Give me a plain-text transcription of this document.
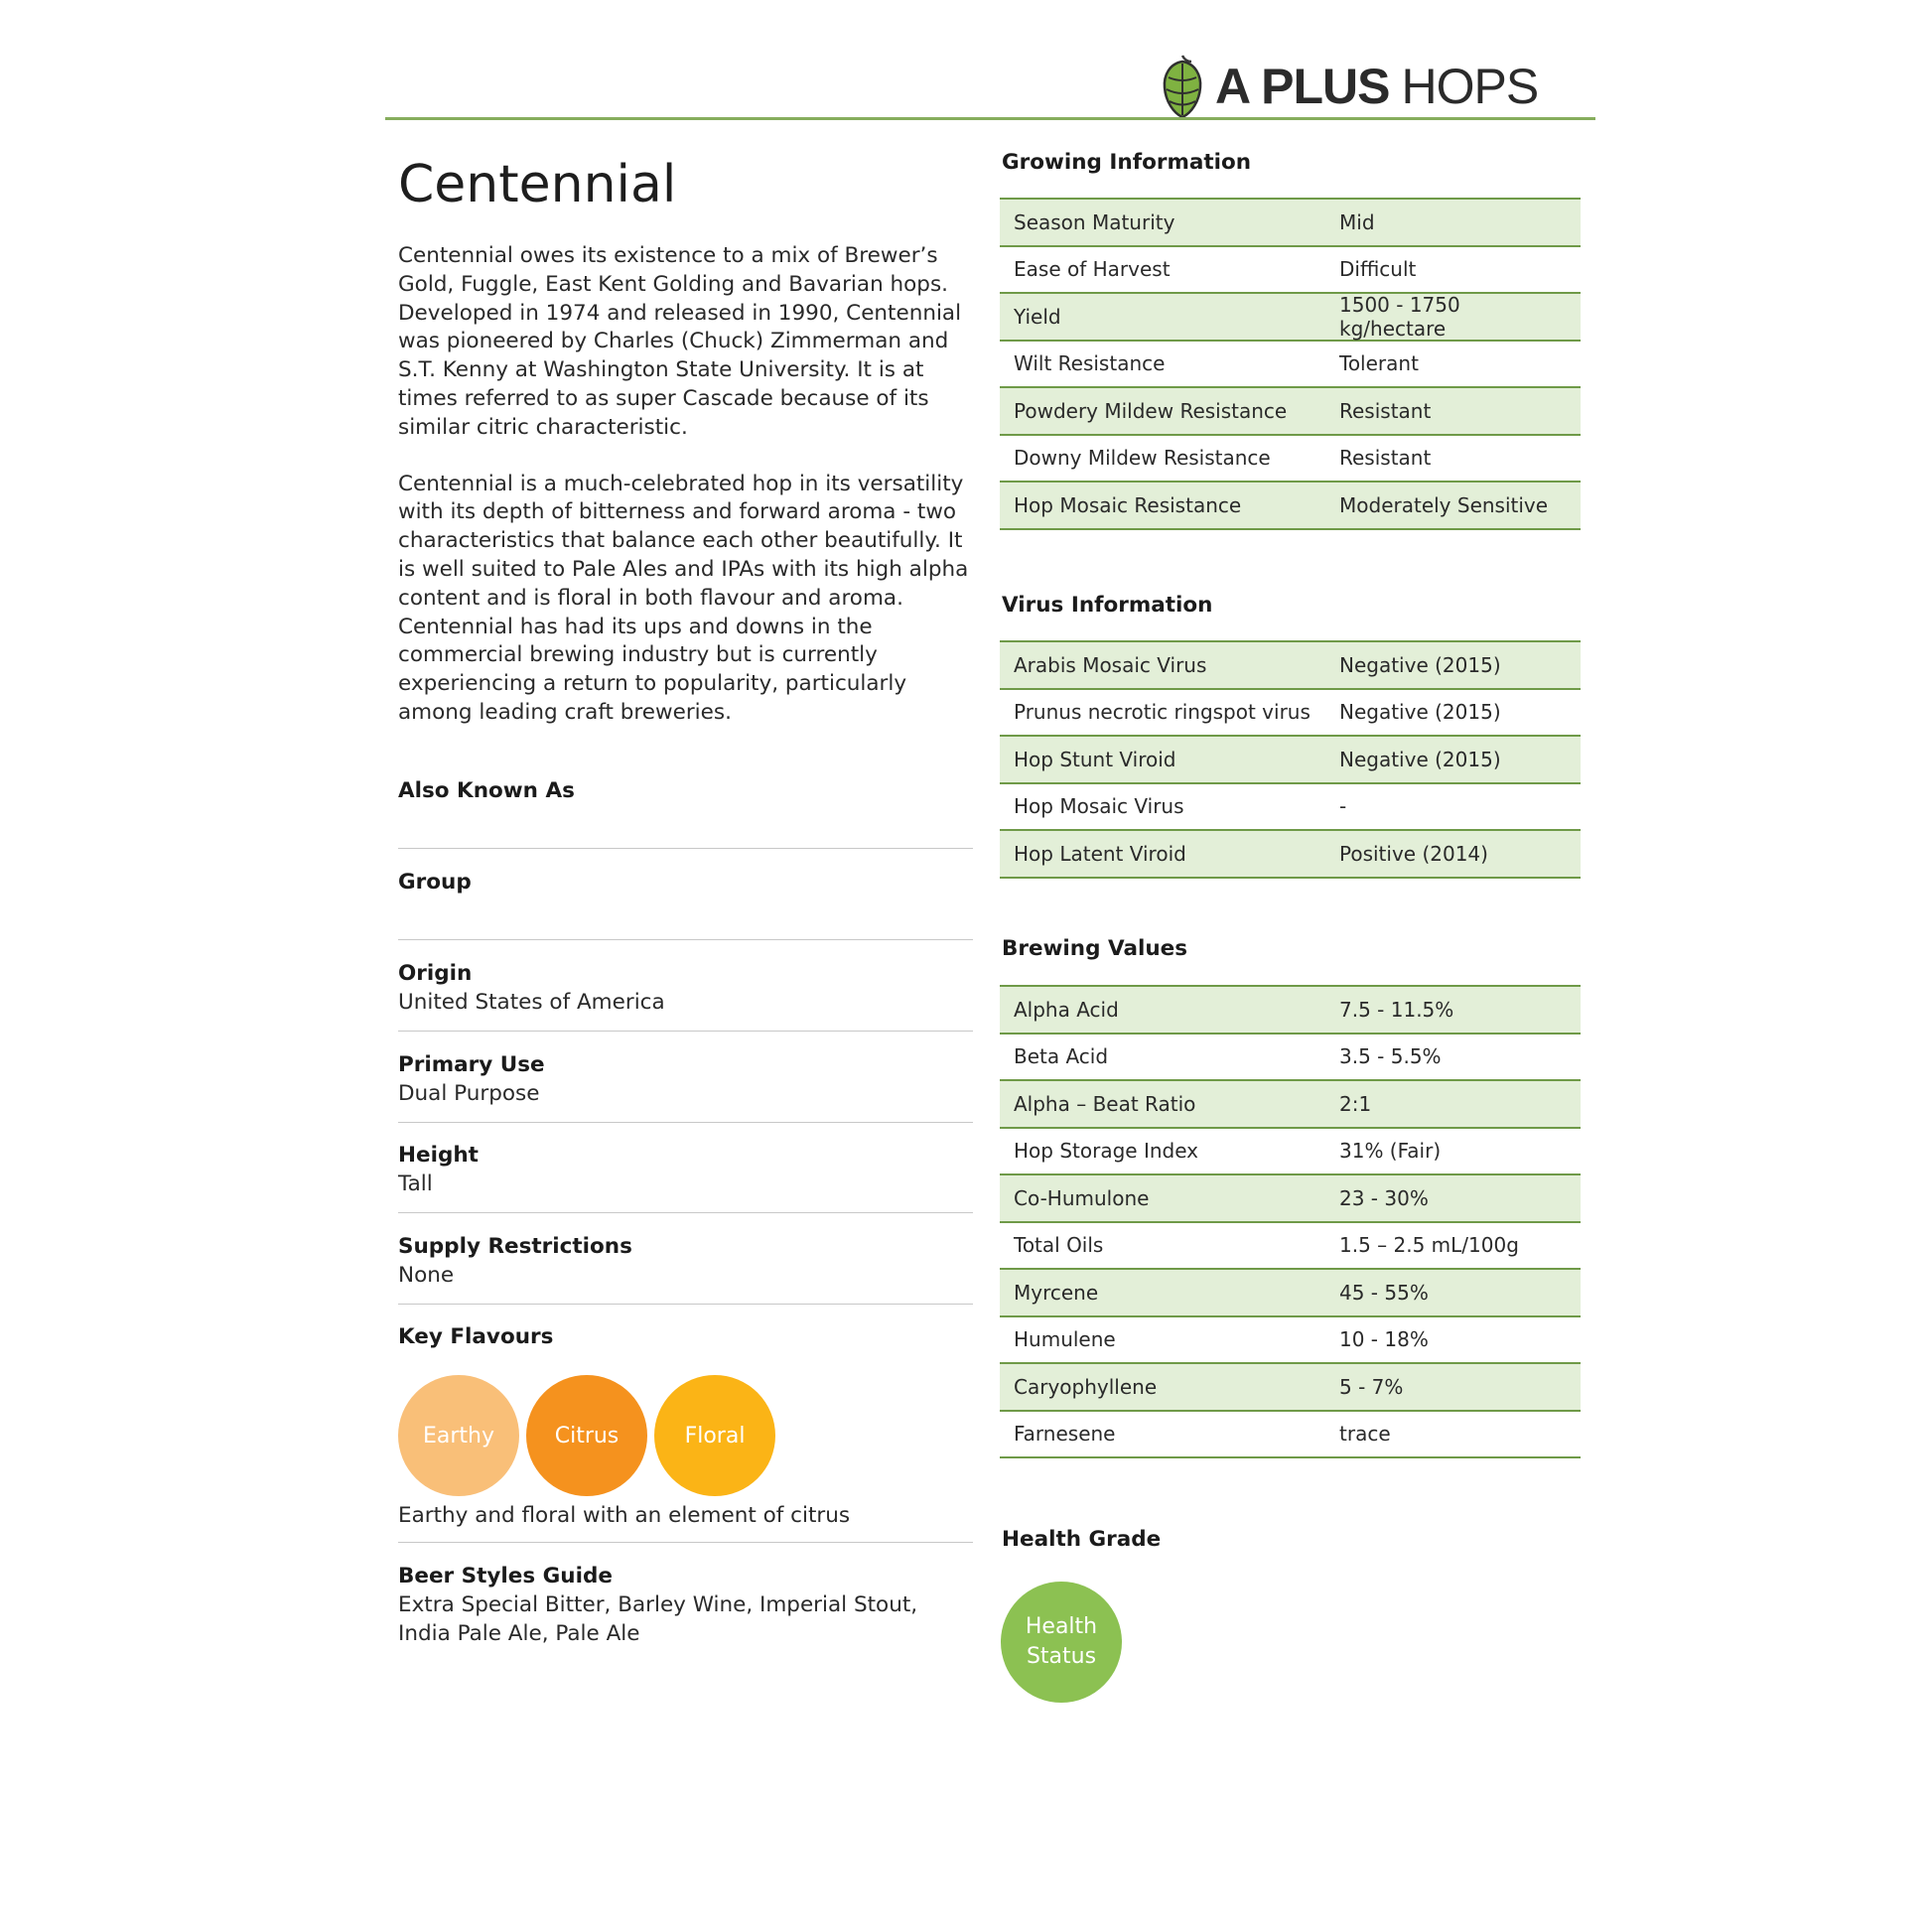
A PLUS HOPS
Centennial

Centennial owes its existence to a mix of Brewer’s Gold, Fuggle, East Kent Golding and Bavarian hops. Developed in 1974 and released in 1990, Centennial was pioneered by Charles (Chuck) Zimmerman and S.T. Kenny at Washington State University. It is at times referred to as super Cascade because of its similar citric characteristic.

Centennial is a much-celebrated hop in its versatility with its depth of bitterness and forward aroma - two characteristics that balance each other beautifully. It is well suited to Pale Ales and IPAs with its high alpha content and is floral in both flavour and aroma. Centennial has had its ups and downs in the commercial brewing industry but is currently experiencing a return to popularity, particularly among leading craft breweries.

Also Known As
Group
Origin
United States of America
Primary Use
Dual Purpose
Height
Tall
Supply Restrictions
None
Key Flavours
Earthy	Citrus	Floral
Earthy and floral with an element of citrus
Beer Styles Guide
Extra Special Bitter, Barley Wine, Imperial Stout,
India Pale Ale, Pale Ale
Growing Information
Season Maturity	Mid
Ease of Harvest	Difficult
Yield	1500 - 1750
kg/hectare
Wilt Resistance	Tolerant
Powdery Mildew Resistance	Resistant
Downy Mildew Resistance	Resistant
Hop Mosaic Resistance	Moderately Sensitive
Virus Information
Arabis Mosaic Virus	Negative (2015)
Prunus necrotic ringspot virus	Negative (2015)
Hop Stunt Viroid	Negative (2015)
Hop Mosaic Virus	-
Hop Latent Viroid	Positive (2014)
Brewing Values
Alpha Acid	7.5 - 11.5%
Beta Acid	3.5 - 5.5%
Alpha – Beat Ratio	2:1
Hop Storage Index	31% (Fair)
Co-Humulone	23 - 30%
Total Oils	1.5 – 2.5 mL/100g
Myrcene	45 - 55%
Humulene	10 - 18%
Caryophyllene	5 - 7%
Farnesene	trace
Health Grade
Health
Status
